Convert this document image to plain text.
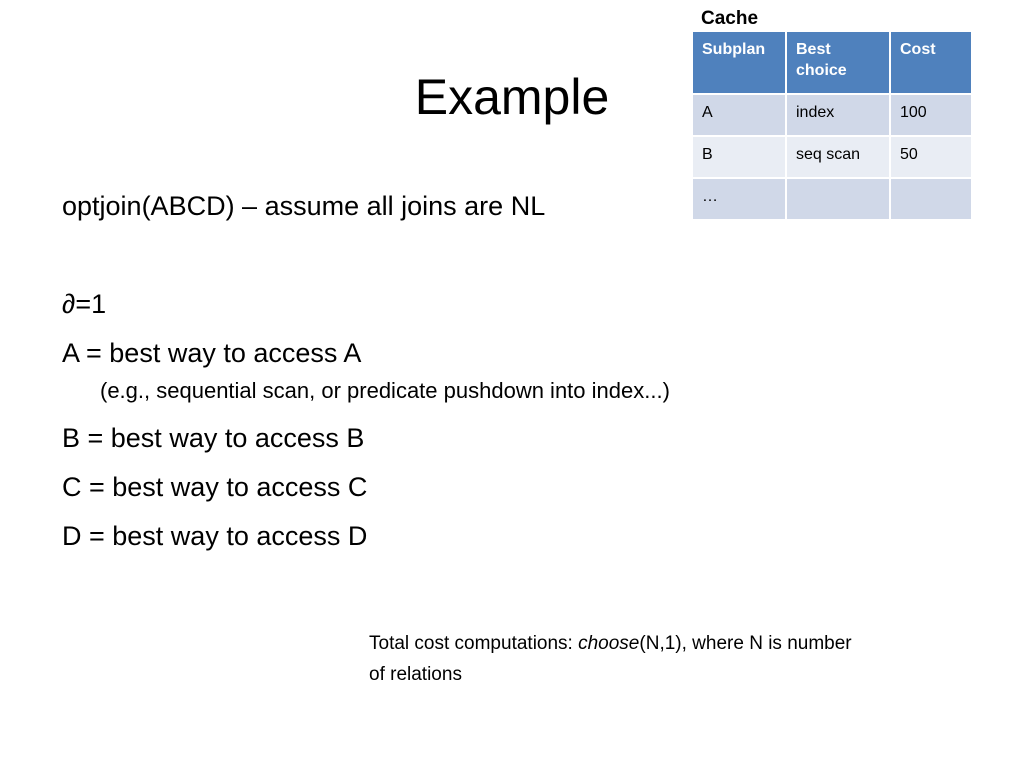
Example
optjoin(ABCD) – assume all joins are NL
∂=1
A = best way to access A
(e.g., sequential scan, or predicate pushdown into index...)
B = best way to access B
C = best way to access C
D = best way to access D
Cache
Subplan	Best choice	Cost
A	index	100
B	seq scan	50
…		
Total cost computations: choose(N,1), where N is number of relations
